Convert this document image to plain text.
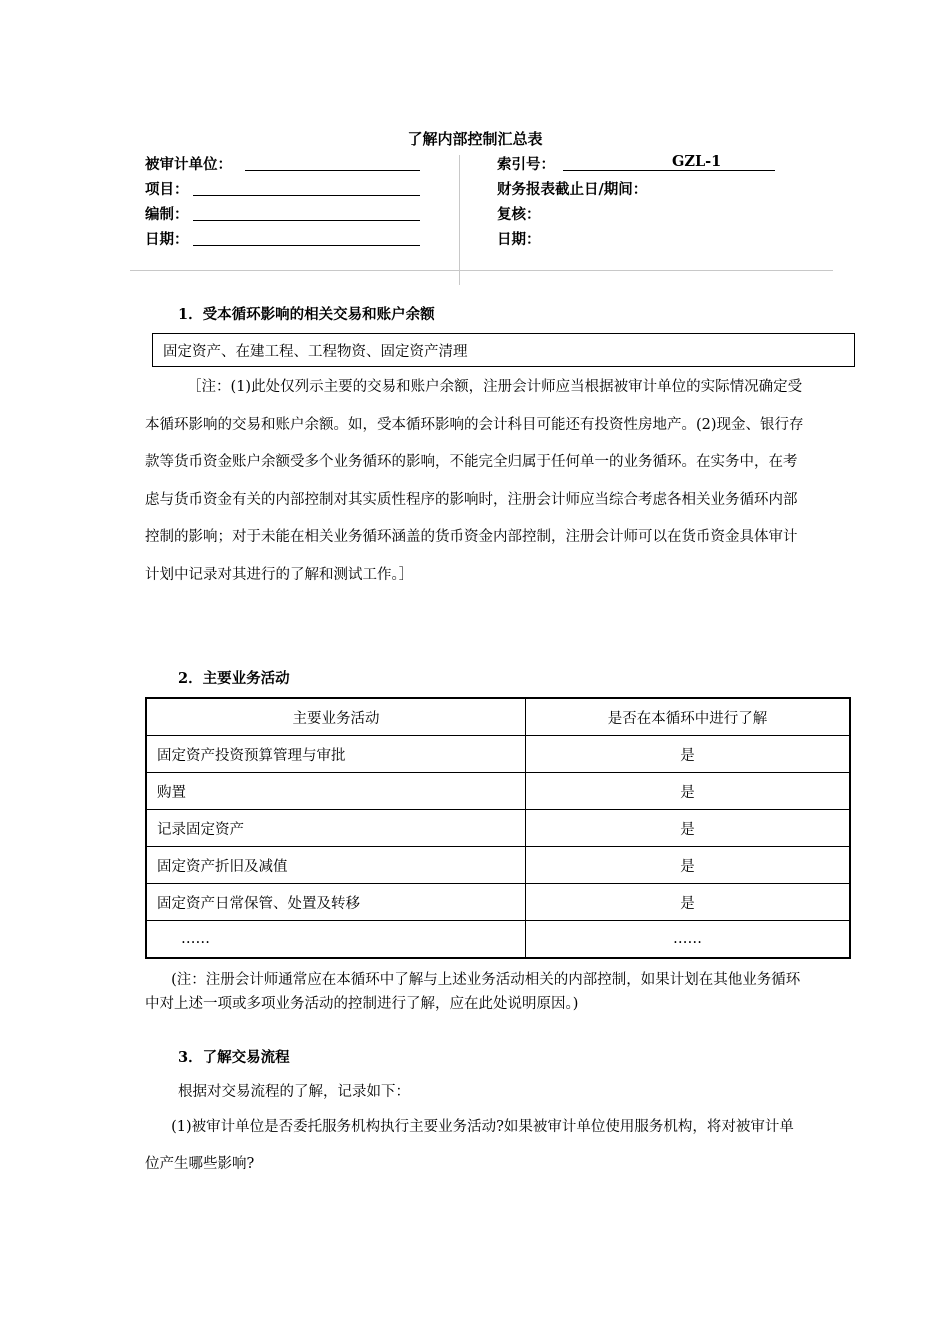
了解内部控制汇总表
被审计单位：
项目：
编制：
日期：
索引号：	GZL-1
财务报表截止日/期间：
复核：
日期：
1．受本循环影响的相关交易和账户余额
固定资产、在建工程、工程物资、固定资产清理

［注：(1)此处仅列示主要的交易和账户余额，注册会计师应当根据被审计单位的实际情况确定受本循环影响的交易和账户余额。如，受本循环影响的会计科目可能还有投资性房地产。(2)现金、银行存款等货币资金账户余额受多个业务循环的影响，不能完全归属于任何单一的业务循环。在实务中，在考虑与货币资金有关的内部控制对其实质性程序的影响时，注册会计师应当综合考虑各相关业务循环内部控制的影响；对于未能在相关业务循环涵盖的货币资金内部控制，注册会计师可以在货币资金具体审计计划中记录对其进行的了解和测试工作。］

2．主要业务活动
主要业务活动	是否在本循环中进行了解
固定资产投资预算管理与审批	是
购置	是
记录固定资产	是
固定资产折旧及减值	是
固定资产日常保管、处置及转移	是
……	……

(注：注册会计师通常应在本循环中了解与上述业务活动相关的内部控制，如果计划在其他业务循环中对上述一项或多项业务活动的控制进行了解，应在此处说明原因。)

3．了解交易流程
根据对交易流程的了解，记录如下：

(1)被审计单位是否委托服务机构执行主要业务活动?如果被审计单位使用服务机构，将对被审计单位产生哪些影响?
